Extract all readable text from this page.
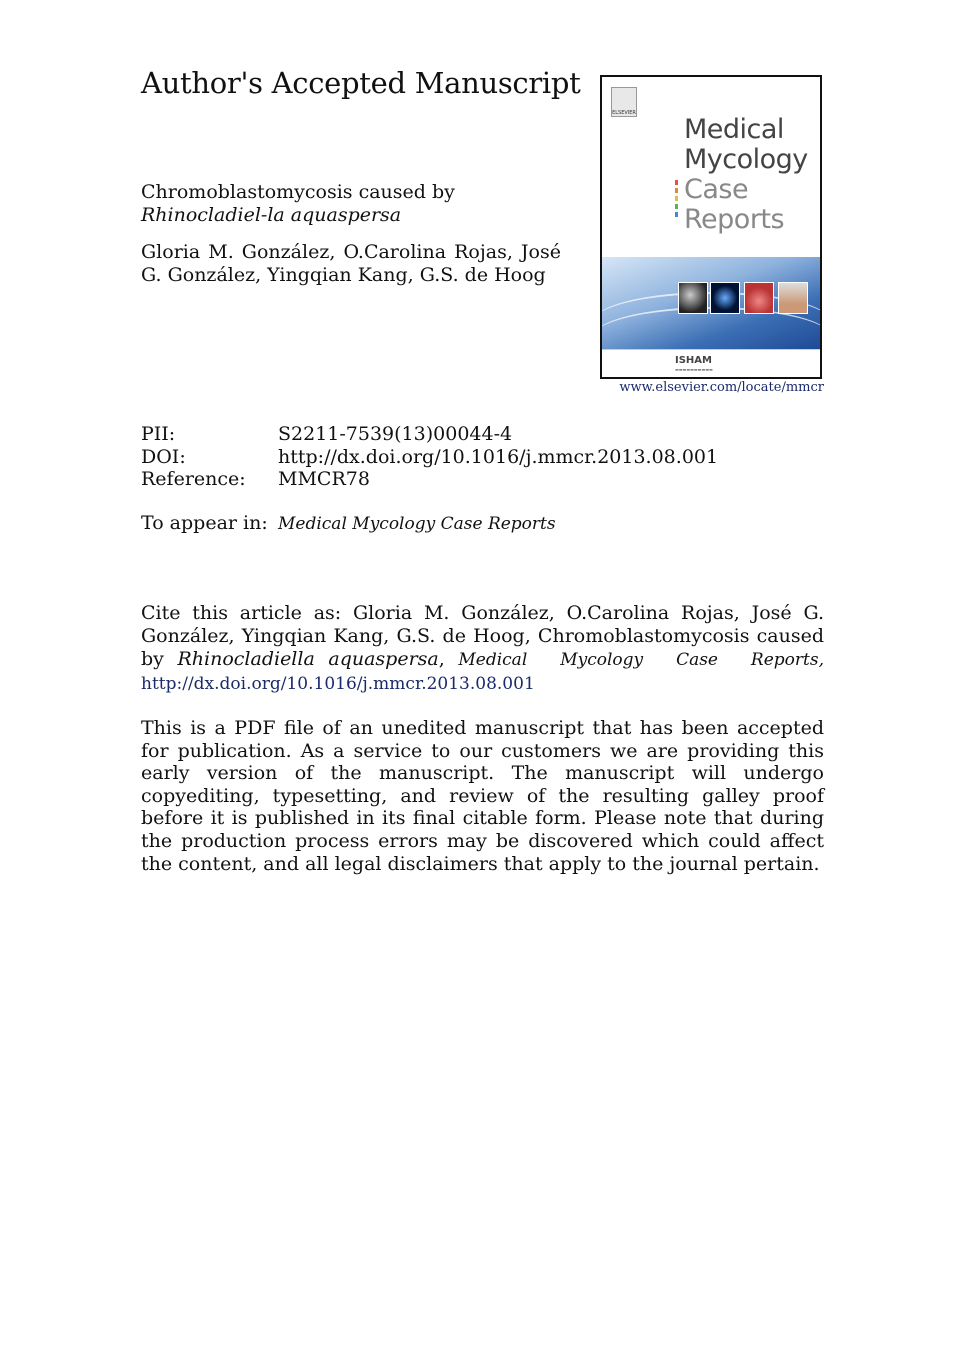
Author's Accepted Manuscript
Chromoblastomycosis caused by Rhinocladiel-la aquaspersa
Gloria M. González, O.Carolina Rojas, José G. González, Yingqian Kang, G.S. de Hoog
ELSEVIER
Medical
Mycology
Case
Reports
ISHAM
▬▬▬▬▬▬▬▬▬▬
www.elsevier.com/locate/mmcr
PII:	S2211-7539(13)00044-4
DOI:	http://dx.doi.org/10.1016/j.mmcr.2013.08.001
Reference: MMCR78
To appear in: Medical Mycology Case Reports
Cite this article as: Gloria M. González, O.Carolina Rojas, José G. González, Yingqian Kang, G.S. de Hoog, Chromoblastomycosis caused by Rhinocladiella aquaspersa, Medical Mycology Case Reports, http://dx.doi.org/10.1016/j.mmcr.2013.08.001
This is a PDF file of an unedited manuscript that has been accepted for publication. As a service to our customers we are providing this early version of the manuscript. The manuscript will undergo copyediting, typesetting, and review of the resulting galley proof before it is published in its final citable form. Please note that during the production process errors may be discovered which could affect the content, and all legal disclaimers that apply to the journal pertain.
